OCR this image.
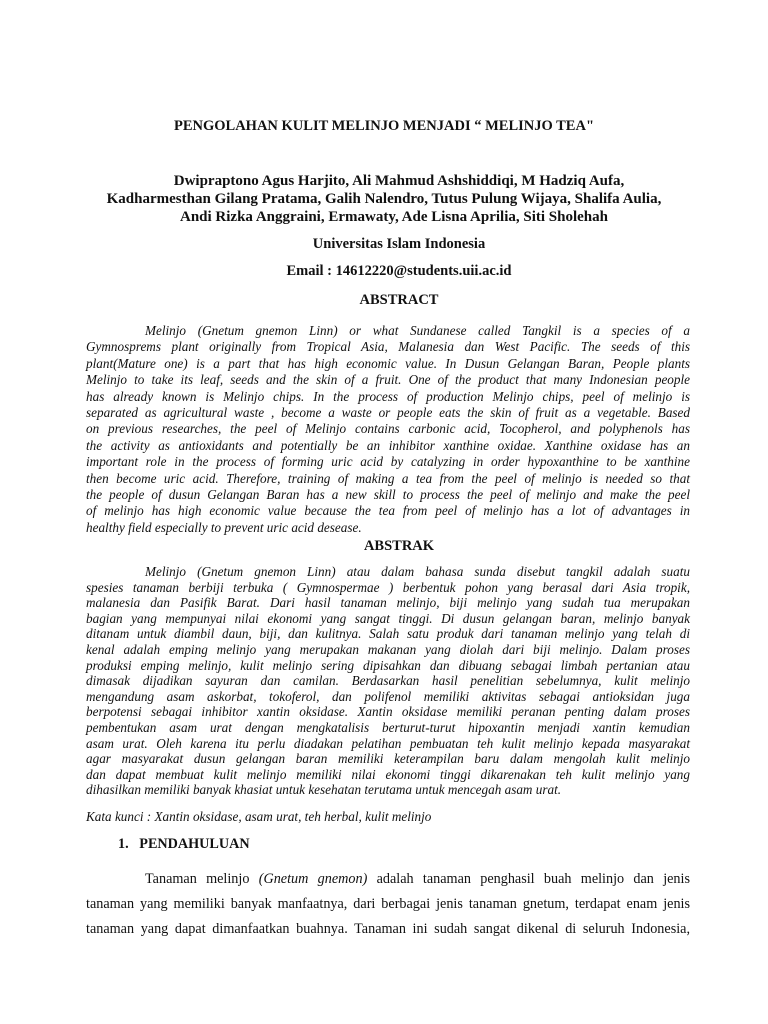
PENGOLAHAN KULIT MELINJO MENJADI “ MELINJO TEA"
Dwipraptono Agus Harjito, Ali Mahmud Ashshiddiqi, M Hadziq Aufa,
Kadharmesthan Gilang Pratama, Galih Nalendro, Tutus Pulung Wijaya, Shalifa Aulia,
Andi Rizka Anggraini, Ermawaty, Ade Lisna Aprilia, Siti Sholehah
Universitas Islam Indonesia
Email : 14612220@students.uii.ac.id
ABSTRACT
Melinjo (Gnetum gnemon Linn) or what Sundanese called Tangkil is a species of a
Gymnosprems plant originally from Tropical Asia, Malanesia dan West Pacific. The seeds of this
plant(Mature one) is a part that has high economic value. In Dusun Gelangan Baran, People plants
Melinjo to take its leaf, seeds and the skin of a fruit. One of the product that many Indonesian people
has already known is Melinjo chips. In the process of production Melinjo chips, peel of melinjo is
separated as agricultural waste , become a waste or people eats the skin of fruit as a vegetable. Based
on previous researches, the peel of Melinjo contains carbonic acid, Tocopherol, and polyphenols has
the activity as antioxidants and potentially be an inhibitor xanthine oxidae. Xanthine oxidase has an
important role in the process of forming uric acid by catalyzing in order hypoxanthine to be xanthine
then become uric acid. Therefore, training of making a tea from the peel of melinjo is needed so that
the people of dusun Gelangan Baran has a new skill to process the peel of melinjo and make the peel
of melinjo has high economic value because the tea from peel of melinjo has a lot of advantages in
healthy field especially to prevent uric acid desease.
ABSTRAK
Melinjo (Gnetum gnemon Linn) atau dalam bahasa sunda disebut tangkil adalah suatu
spesies tanaman berbiji terbuka ( Gymnospermae ) berbentuk pohon yang berasal dari Asia tropik,
malanesia dan Pasifik Barat. Dari hasil tanaman melinjo, biji melinjo yang sudah tua merupakan
bagian yang mempunyai nilai ekonomi yang sangat tinggi. Di dusun gelangan baran, melinjo banyak
ditanam untuk diambil daun, biji, dan kulitnya. Salah satu produk dari tanaman melinjo yang telah di
kenal adalah emping melinjo yang merupakan makanan yang diolah dari biji melinjo. Dalam proses
produksi emping melinjo, kulit melinjo sering dipisahkan dan dibuang sebagai limbah pertanian atau
dimasak dijadikan sayuran dan camilan. Berdasarkan hasil penelitian sebelumnya, kulit melinjo
mengandung asam askorbat, tokoferol, dan polifenol memiliki aktivitas sebagai antioksidan juga
berpotensi sebagai inhibitor xantin oksidase. Xantin oksidase memiliki peranan penting dalam proses
pembentukan asam urat dengan mengkatalisis berturut-turut hipoxantin menjadi xantin kemudian
asam urat. Oleh karena itu perlu diadakan pelatihan pembuatan teh kulit melinjo kepada masyarakat
agar masyarakat dusun gelangan baran memiliki keterampilan baru dalam mengolah kulit melinjo
dan dapat membuat kulit melinjo memiliki nilai ekonomi tinggi dikarenakan teh kulit melinjo yang
dihasilkan memiliki banyak khasiat untuk kesehatan terutama untuk mencegah asam urat.
Kata kunci : Xantin oksidase, asam urat, teh herbal, kulit melinjo
1.   PENDAHULUAN
Tanaman melinjo (Gnetum gnemon) adalah tanaman penghasil buah melinjo dan jenis
tanaman yang memiliki banyak manfaatnya, dari berbagai jenis tanaman gnetum, terdapat enam jenis
tanaman yang dapat dimanfaatkan buahnya. Tanaman ini sudah sangat dikenal di seluruh Indonesia,
